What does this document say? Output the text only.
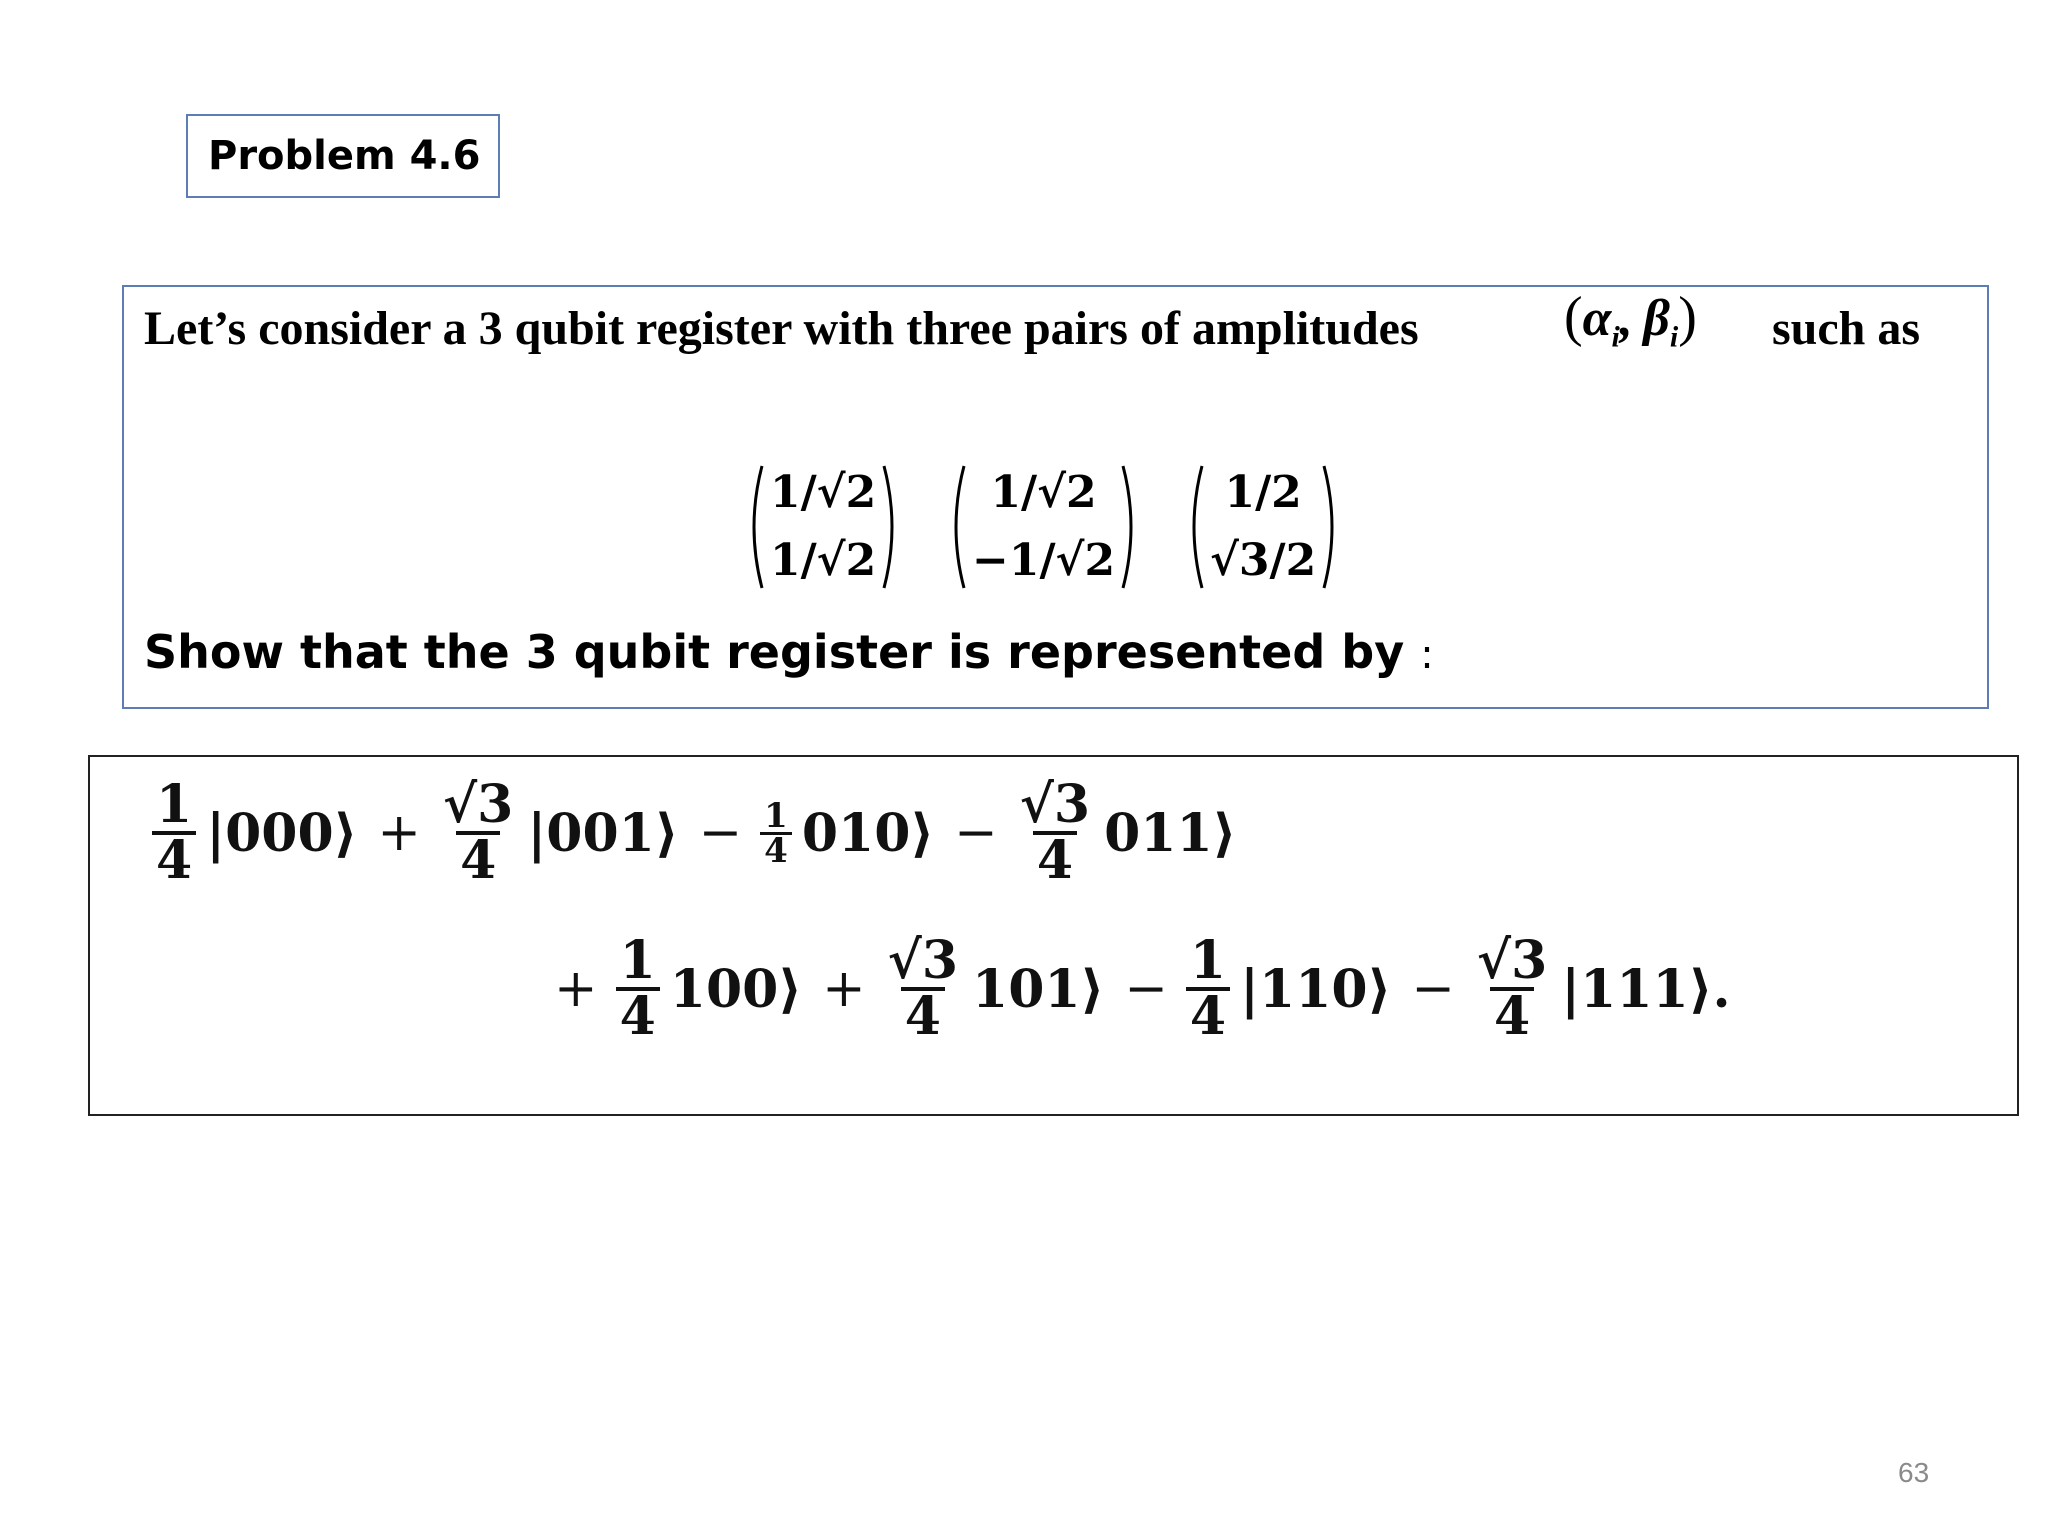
Problem 4.6
Let’s consider a 3 qubit register with three pairs of amplitudes	($\alpha_i$,  $\beta_i$) such as
1/√2
1/√2
1/√2
−1/√2
1/2
√3/2
Show that the 3 qubit register is represented by :
$\frac{1}{4}$ |000⟩ + $\frac{√3}{4}$ |001⟩ − $\frac{1}{4}$ 010⟩ − $\frac{√3}{4}$ 011⟩
+ $\frac{1}{4}$ 100⟩ + $\frac{√3}{4}$ 101⟩ − $\frac{1}{4}$ |110⟩ − $\frac{√3}{4}$ |111⟩.
63
